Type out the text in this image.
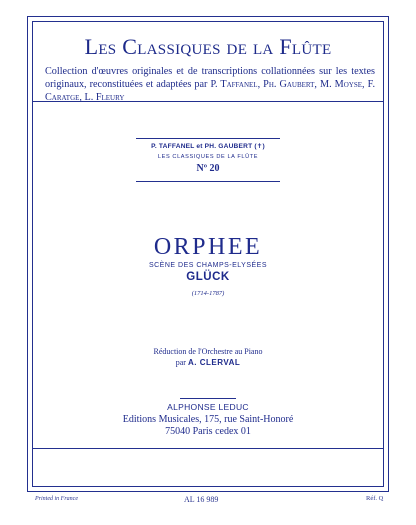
Les Classiques de la Flûte
Collection d'œuvres originales et de transcriptions collationnées sur les textes originaux, reconstituées et adaptées par P. Taffanel, Ph. Gaubert, M. Moyse, F. Caratge, L. Fleury
P. TAFFANEL et PH. GAUBERT (✝)
LES CLASSIQUES DE LA FLÛTE
Nº 20
ORPHEE
SCÈNE DES CHAMPS-ELYSÉES
GLÜCK
(1714-1787)
Réduction de l'Orchestre au Piano
par A. CLERVAL
ALPHONSE LEDUC
Editions Musicales, 175, rue Saint-Honoré
75040 Paris cedex 01
Printed in France	AL 16 989	Réf. Q
